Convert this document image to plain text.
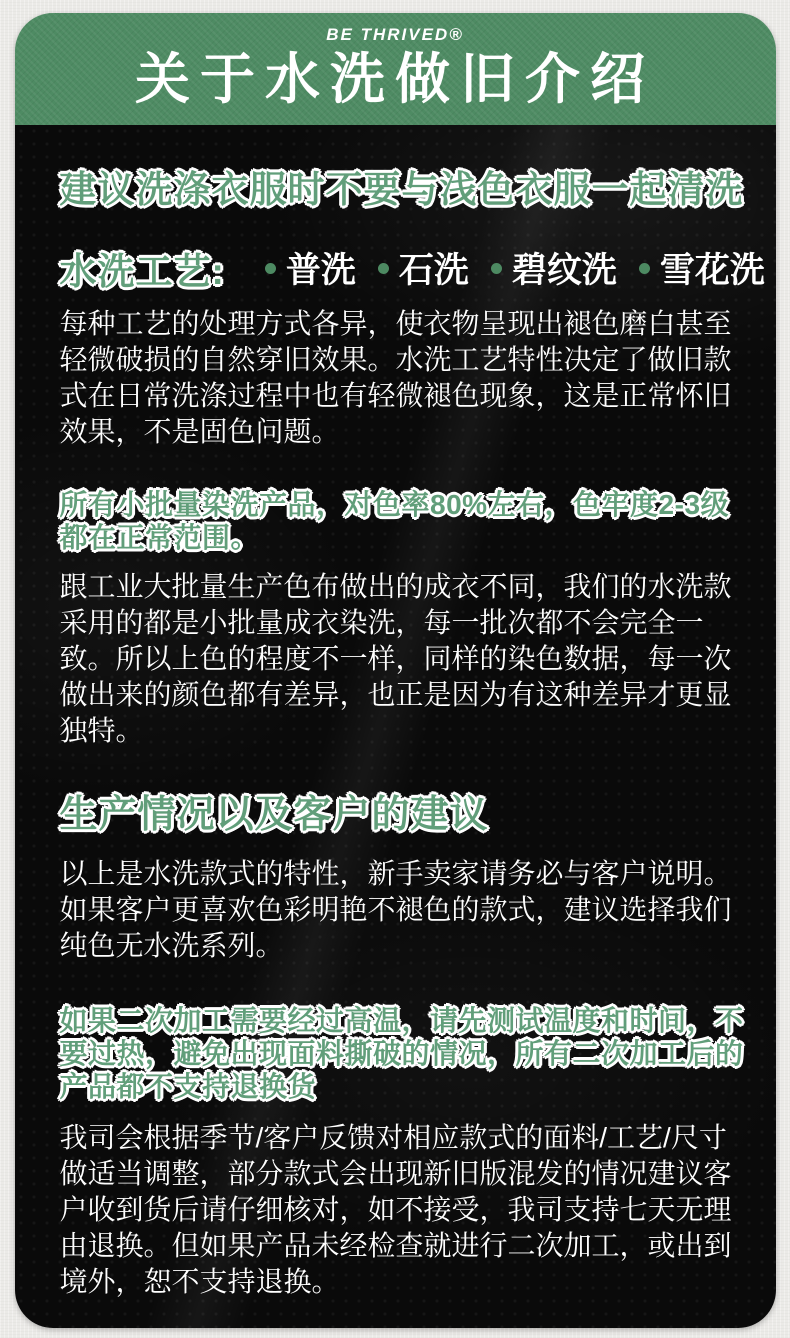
BE THRIVED®
关于水洗做旧介绍

建议洗涤衣服时不要与浅色衣服一起清洗

水洗工艺: 普洗 石洗 碧纹洗 雪花洗

每种工艺的处理方式各异，使衣物呈现出褪色磨白甚至轻微破损的自然穿旧效果。水洗工艺特性决定了做旧款式在日常洗涤过程中也有轻微褪色现象，这是正常怀旧效果，不是固色问题。

所有小批量染洗产品，对色率80%左右，色牢度2-3级都在正常范围。

跟工业大批量生产色布做出的成衣不同，我们的水洗款采用的都是小批量成衣染洗，每一批次都不会完全一致。所以上色的程度不一样，同样的染色数据，每一次做出来的颜色都有差异，也正是因为有这种差异才更显独特。

生产情况以及客户的建议

以上是水洗款式的特性，新手卖家请务必与客户说明。如果客户更喜欢色彩明艳不褪色的款式，建议选择我们纯色无水洗系列。

如果二次加工需要经过高温，请先测试温度和时间，不要过热，避免出现面料撕破的情况，所有二次加工后的产品都不支持退换货

我司会根据季节/客户反馈对相应款式的面料/工艺/尺寸做适当调整，部分款式会出现新旧版混发的情况建议客户收到货后请仔细核对，如不接受，我司支持七天无理由退换。但如果产品未经检查就进行二次加工，或出到境外，恕不支持退换。
